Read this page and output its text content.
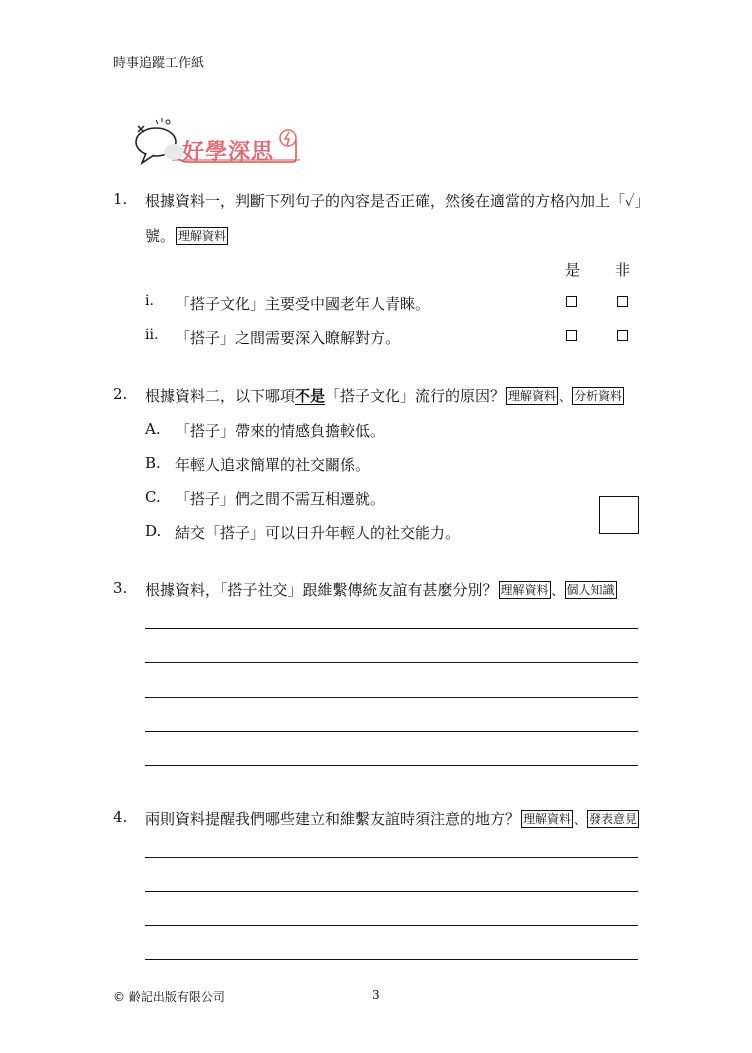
時事追蹤工作紙
好學深思
1. 根據資料一，判斷下列句子的內容是否正確，然後在適當的方格內加上「✓」
號。 理解資料
是 非
i. 「搭子文化」主要受中國老年人青睞。
ii. 「搭子」之間需要深入瞭解對方。
2. 根據資料二，以下哪項不是「搭子文化」流行的原因？ 理解資料 、 分析資料
A. 「搭子」帶來的情感負擔較低。
B. 年輕人追求簡單的社交關係。
C. 「搭子」們之間不需互相遷就。
D. 結交「搭子」可以日升年輕人的社交能力。
3. 根據資料，「搭子社交」跟維繫傳統友誼有甚麼分別？ 理解資料 、 個人知識
4. 兩則資料提醒我們哪些建立和維繫友誼時須注意的地方？ 理解資料 、 發表意見
© 齡記出版有限公司	3
